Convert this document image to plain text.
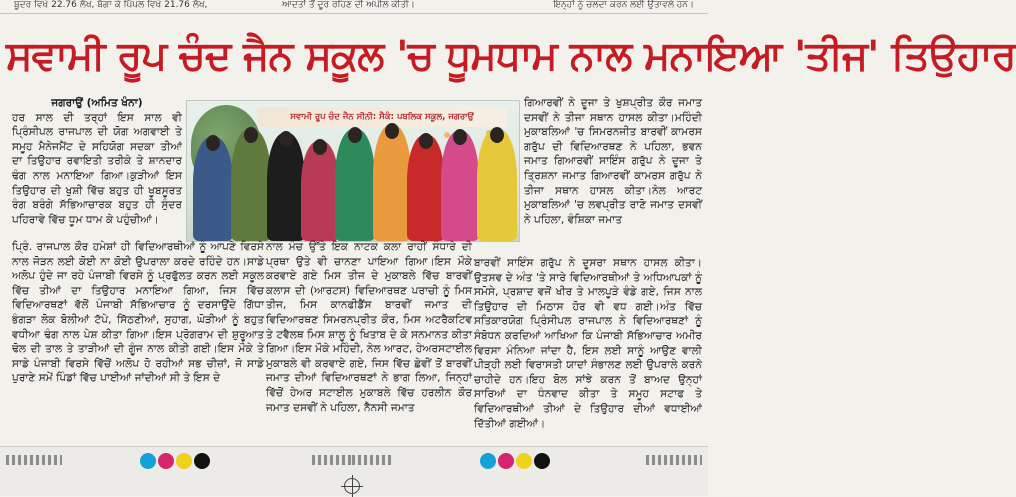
ਬੂਦਰ ਵਿਖੇ 22.76 ਲੱਖ, ਬੱਗਾ ਕੇ ਪਿੱਪਲ ਵਿਖੇ 21.76 ਲੱਖ,	ਆਦਤਾਂ ਤੋਂ ਦੂਰ ਰਹਿਣ ਦੀ ਅਪੀਲ ਕੀਤੀ।	ਇਨ੍ਹਾਂ ਨੂੰ ਚਲਦਾ ਕਰਨ ਲਈ ਉਤਾਵਲੇ ਹਨ।
ਸਵਾਮੀ ਰੂਪ ਚੰਦ ਜੈਨ ਸਕੂਲ 'ਚ ਧੂਮਧਾਮ ਨਾਲ ਮਨਾਇਆ 'ਤੀਜ' ਤਿਉਹਾਰ
ਜਗਰਾਉਂ (ਅਮਿਤ ਖੰਨਾ)

ਹਰ ਸਾਲ ਦੀ ਤਰ੍ਹਾਂ ਇਸ ਸਾਲ ਵੀ ਪ੍ਰਿੰਸੀਪਲ ਰਾਜਪਾਲ ਦੀ ਯੋਗ ਅਗਵਾਈ ਤੇ ਸਮੂਹ ਮੈਨੇਜਮੈਂਟ ਦੇ ਸਹਿਯੋਗ ਸਦਕਾ ਤੀਆਂ ਦਾ ਤਿਉਹਾਰ ਰਵਾਇਤੀ ਤਰੀਕੇ ਤੇ ਸ਼ਾਨਦਾਰ ਢੰਗ ਨਾਲ ਮਨਾਇਆ ਗਿਆ।ਕੁੜੀਆਂ ਇਸ ਤਿਉਹਾਰ ਦੀ ਖੁਸ਼ੀ ਵਿੱਚ ਬਹੁਤ ਹੀ ਖੂਬਸੂਰਤ ਰੰਗ ਬਰੰਗੇ ਸੱਭਿਆਚਾਰਕ ਬਹੁਤ ਹੀ ਸੁੰਦਰ ਪਹਿਰਾਵੇ ਵਿੱਚ ਧੂਮ ਧਾਮ ਕੇ ਪਹੁੰਚੀਆਂ।

ਸਵਾਮੀ ਰੂਪ ਚੰਦ ਜੈਨ ਸੀਨੀ: ਸੈਕੰ: ਪਬਲਿਕ ਸਕੂਲ, ਜਗਰਾਉਂ

ਗਿਆਰਵੀਂ ਨੇ ਦੂਜਾ ਤੇ ਖੁਸ਼ਪ੍ਰੀਤ ਕੌਰ ਜਮਾਤ ਦਸਵੀਂ ਨੇ ਤੀਜਾ ਸਥਾਨ ਹਾਸਲ ਕੀਤਾ।ਮਹਿੰਦੀ ਮੁਕਾਬਲਿਆਂ 'ਚ ਸਿਮਰਨਜੀਤ ਬਾਰਵੀਂ ਕਾਮਰਸ ਗਰੁੱਪ ਦੀ ਵਿਦਿਆਰਥਣ ਨੇ ਪਹਿਲਾ, ਭਵਨ ਜਮਾਤ ਗਿਆਰਵੀਂ ਸਾਇੰਸ ਗਰੁੱਪ ਨੇ ਦੂਜਾ ਤੇ ਤ੍ਰਿਸ਼ਨਾ ਜਮਾਤ ਗਿਆਰਵੀਂ ਕਾਮਰਸ ਗਰੁੱਪ ਨੇ ਤੀਜਾ ਸਥਾਨ ਹਾਸਲ ਕੀਤਾ।ਨੇਲ ਆਰਟ ਮੁਕਾਬਲਿਆਂ 'ਚ ਲਵਪ੍ਰੀਤ ਰਾਣੋ ਜਮਾਤ ਦਸਵੀਂ ਨੇ ਪਹਿਲਾ, ਵੰਸ਼ਿਕਾ ਜਮਾਤ

ਪ੍ਰਿੰ. ਰਾਜਪਾਲ ਕੌਰ ਹਮੇਸ਼ਾਂ ਹੀ ਵਿਦਿਆਰਥੀਆਂ ਨੂੰ ਆਪਣੇ ਵਿਰਸੇ ਨਾਲ ਜੋੜਨ ਲਈ ਕੋਈ ਨਾ ਕੋਈ ਉਪਰਾਲਾ ਕਰਦੇ ਰਹਿੰਦੇ ਹਨ।ਸਾਡੇ ਅਲੋਪ ਹੁੰਦੇ ਜਾ ਰਹੇ ਪੰਜਾਬੀ ਵਿਰਸੇ ਨੂੰ ਪ੍ਰਫੁੱਲਤ ਕਰਨ ਲਈ ਸਕੂਲ ਵਿੱਚ ਤੀਆਂ ਦਾ ਤਿਉਹਾਰ ਮਨਾਇਆ ਗਿਆ, ਜਿਸ ਵਿੱਚ ਵਿਦਿਆਰਥਣਾਂ ਵੱਲੋਂ ਪੰਜਾਬੀ ਸੱਭਿਆਚਾਰ ਨੂੰ ਦਰਸਾਉਂਦੇ ਗਿੱਧਾ ਭੰਗੜਾ ਲੋਕ ਬੋਲੀਆਂ ਟੱਪੇ, ਸਿੱਠਣੀਆਂ, ਸੁਹਾਗ, ਘੋੜੀਆਂ ਨੂੰ ਬਹੁਤ ਵਧੀਆ ਢੰਗ ਨਾਲ ਪੇਸ਼ ਕੀਤਾ ਗਿਆ।ਇਸ ਪ੍ਰੋਗਰਾਮ ਦੀ ਸ਼ੁਰੂਆਤ ਢੋਲ ਦੀ ਤਾਲ ਤੇ ਤਾੜੀਆਂ ਦੀ ਗੂੰਜ ਨਾਲ ਕੀਤੀ ਗਈ।ਇਸ ਮੌਕੇ ਤੇ ਸਾਡੇ ਪੰਜਾਬੀ ਵਿਰਸੇ ਵਿੱਚੋਂ ਅਲੋਪ ਹੋ ਰਹੀਆਂ ਸਭ ਚੀਜ਼ਾਂ, ਜੋ ਸਾਡੇ ਪੁਰਾਣੇ ਸਮੇਂ ਪਿੰਡਾਂ ਵਿੱਚ ਪਾਈਆਂ ਜਾਂਦੀਆਂ ਸੀ ਤੇ ਇਸ ਦੇ

ਨਾਲ ਮੰਚ ਉੱਤੇ ਇਕ ਨਾਟਕ ਕਲਾ ਰਾਹੀਂ ਸੰਧਾਰੇ ਦੀ ਪ੍ਰਥਾ ਉਤੇ ਵੀ ਚਾਨਣਾ ਪਾਇਆ ਗਿਆ।ਇਸ ਮੌਕੇ ਕਰਵਾਏ ਗਏ ਮਿਸ ਤੀਜ ਦੇ ਮੁਕਾਬਲੇ ਵਿੱਚ ਬਾਰਵੀਂ ਕਲਾਸ ਦੀ (ਆਰਟਸ) ਵਿਦਿਆਰਥਣ ਪਰਾਚੀ ਨੂੰ ਮਿਸ ਤੀਜ, ਮਿਸ ਕਾਨਫੀਡੈਂਸ ਬਾਰਵੀਂ ਜਮਾਤ ਦੀ ਵਿਦਿਆਰਥਣ ਸਿਮਰਨਪ੍ਰੀਤ ਕੌਰ, ਮਿਸ ਅਟਰੈਕਟਿਵ ਤੇ ਟਵੈਲਥ ਮਿਸ ਸ਼ਾਲੂ ਨੂੰ ਖਿਤਾਬ ਦੇ ਕੇ ਸਨਮਾਨਤ ਕੀਤਾ ਗਿਆ।ਇਸ ਮੌਕੇ ਮਹਿੰਦੀ, ਨੇਲ ਆਰਟ, ਹੇਅਰਸਟਾਈਲ ਮੁਕਾਬਲੇ ਵੀ ਕਰਵਾਏ ਗਏ, ਜਿਸ ਵਿੱਚ ਛੇਵੀਂ ਤੋਂ ਬਾਰਵੀਂ ਜਮਾਤ ਦੀਆਂ ਵਿਦਿਆਰਥਣਾਂ ਨੇ ਭਾਗ ਲਿਆ, ਜਿਨ੍ਹਾਂ ਵਿੱਚੋਂ ਹੇਅਰ ਸਟਾਈਲ ਮੁਕਾਬਲੇ ਵਿੱਚ ਹਰਲੀਨ ਕੌਰ ਜਮਾਤ ਦਸਵੀਂ ਨੇ ਪਹਿਲਾ, ਨੈਨਸੀ ਜਮਾਤ

ਬਾਰਵੀਂ ਸਾਇੰਸ ਗਰੁੱਪ ਨੇ ਦੂਸਰਾ ਸਥਾਨ ਹਾਸਲ ਕੀਤਾ।ਉਤਸਵ ਦੇ ਅੰਤ 'ਤੇ ਸਾਰੇ ਵਿਦਿਆਰਥੀਆਂ ਤੇ ਅਧਿਆਪਕਾਂ ਨੂੰ ਸਮੋਸੇ, ਪ੍ਰਸ਼ਾਦ ਵਜੋਂ ਖੀਰ ਤੇ ਮਾਲਪੂੜੇ ਵੰਡੇ ਗਏ, ਜਿਸ ਨਾਲ ਤਿਉਹਾਰ ਦੀ ਮਿਠਾਸ ਹੋਰ ਵੀ ਵਧ ਗਈ।ਅੰਤ ਵਿੱਚ ਸਤਿਕਾਰਯੋਗ ਪ੍ਰਿੰਸੀਪਲ ਰਾਜਪਾਲ ਨੇ ਵਿਦਿਆਰਥਣਾਂ ਨੂੰ ਸੰਬੋਧਨ ਕਰਦਿਆਂ ਆਖਿਆ ਕਿ ਪੰਜਾਬੀ ਸੱਭਿਆਚਾਰ ਅਮੀਰ ਵਿਰਸਾ ਮੰਨਿਆ ਜਾਂਦਾ ਹੈ, ਇਸ ਲਈ ਸਾਨੂੰ ਆਉਣ ਵਾਲੀ ਪੀੜ੍ਹੀ ਲਈ ਵਿਰਾਸਤੀ ਯਾਦਾਂ ਸੰਭਾਲਣ ਲਈ ਉਪਰਾਲੇ ਕਰਨੇ ਚਾਹੀਦੇ ਹਨ।ਇਹ ਬੋਲ ਸਾਂਝੇ ਕਰਨ ਤੋਂ ਬਾਅਦ ਉਨ੍ਹਾਂ ਸਾਰਿਆਂ ਦਾ ਧੰਨਵਾਦ ਕੀਤਾ ਤੇ ਸਮੂਹ ਸਟਾਫ ਤੇ ਵਿਦਿਆਰਥੀਆਂ ਤੀਆਂ ਦੇ ਤਿਉਹਾਰ ਦੀਆਂ ਵਧਾਈਆਂ ਦਿੱਤੀਆਂ ਗਈਆਂ।
